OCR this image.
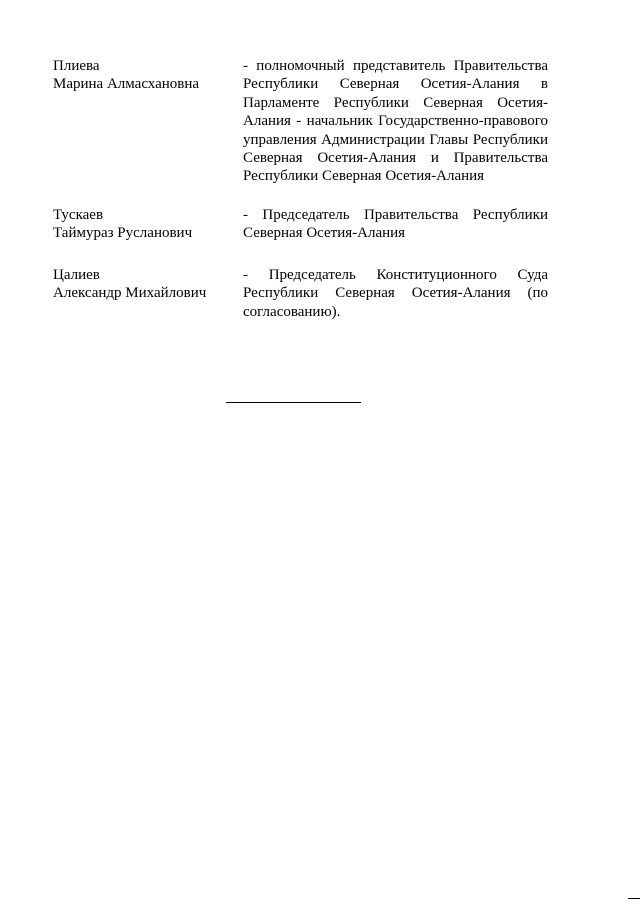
Плиева
Марина Алмасхановна
- полномочный представитель Правительства
Республики Северная Осетия-Алания в
Парламенте Республики Северная Осетия-
Алания - начальник Государственно-правового
управления Администрации Главы Республики
Северная Осетия-Алания и Правительства
Республики Северная Осетия-Алания
Тускаев
Таймураз Русланович
- Председатель Правительства Республики
Северная Осетия-Алания
Цалиев
Александр Михайлович
- Председатель Конституционного Суда
Республики Северная Осетия-Алания (по
согласованию).
